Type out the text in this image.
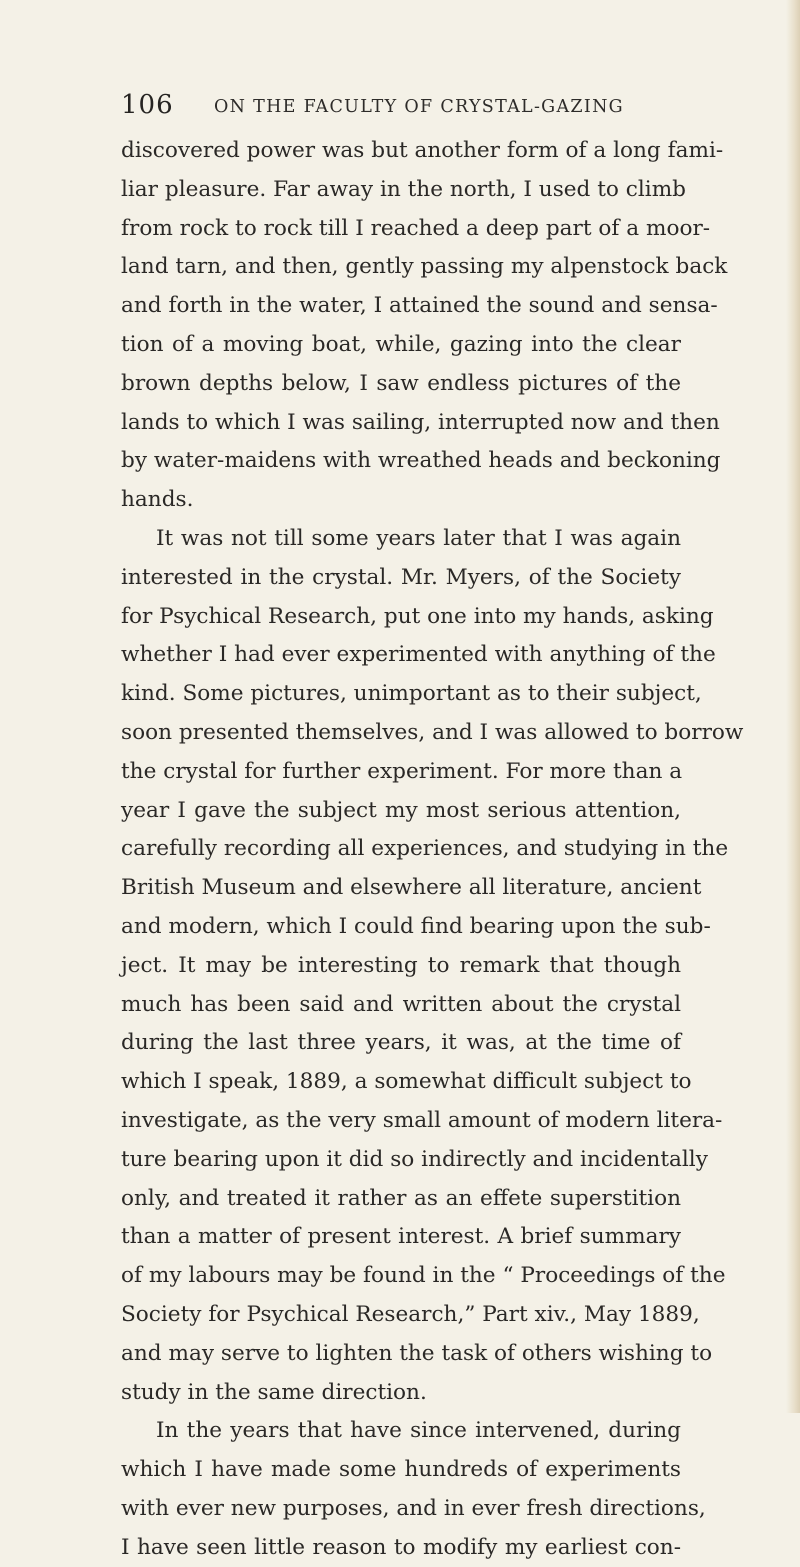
106 ON THE FACULTY OF CRYSTAL-GAZING
discovered power was but another form of a long fami-
liar pleasure. Far away in the north, I used to climb
from rock to rock till I reached a deep part of a moor-
land tarn, and then, gently passing my alpenstock back
and forth in the water, I attained the sound and sensa-
tion of a moving boat, while, gazing into the clear
brown depths below, I saw endless pictures of the
lands to which I was sailing, interrupted now and then
by water-maidens with wreathed heads and beckoning
hands.
It was not till some years later that I was again
interested in the crystal. Mr. Myers, of the Society
for Psychical Research, put one into my hands, asking
whether I had ever experimented with anything of the
kind. Some pictures, unimportant as to their subject,
soon presented themselves, and I was allowed to borrow
the crystal for further experiment. For more than a
year I gave the subject my most serious attention,
carefully recording all experiences, and studying in the
British Museum and elsewhere all literature, ancient
and modern, which I could find bearing upon the sub-
ject. It may be interesting to remark that though
much has been said and written about the crystal
during the last three years, it was, at the time of
which I speak, 1889, a somewhat difficult subject to
investigate, as the very small amount of modern litera-
ture bearing upon it did so indirectly and incidentally
only, and treated it rather as an effete superstition
than a matter of present interest. A brief summary
of my labours may be found in the “ Proceedings of the
Society for Psychical Research,” Part xiv., May 1889,
and may serve to lighten the task of others wishing to
study in the same direction.
In the years that have since intervened, during
which I have made some hundreds of experiments
with ever new purposes, and in ever fresh directions,
I have seen little reason to modify my earliest con-
